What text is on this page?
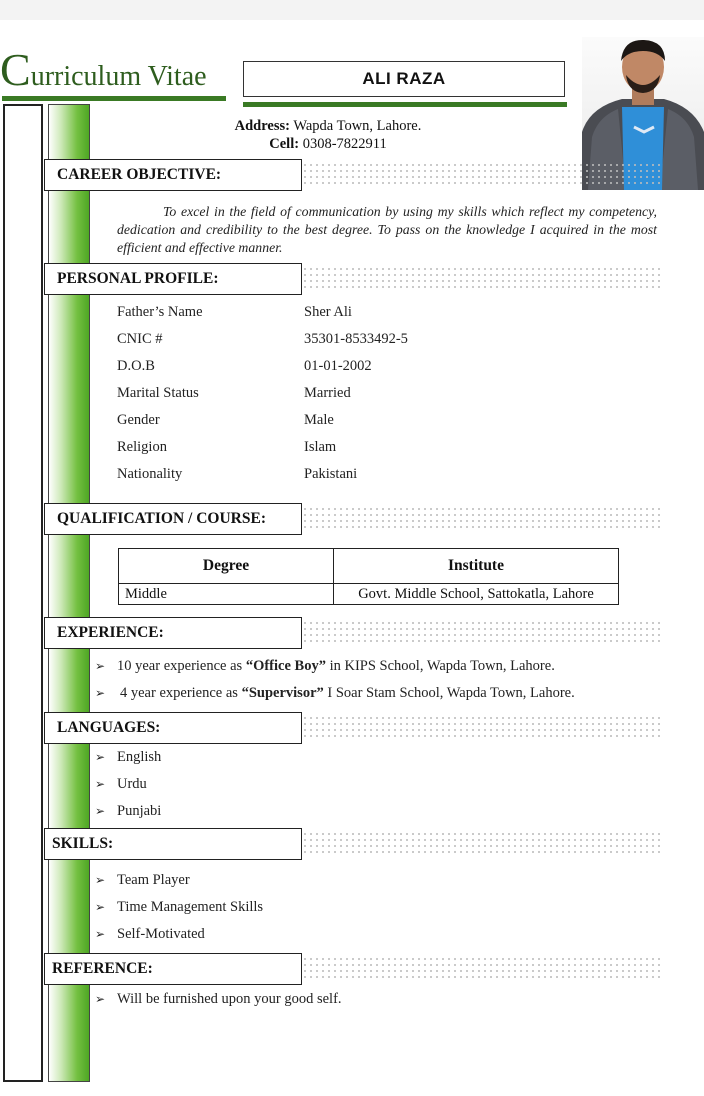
Curriculum Vitae	ALI RAZA
Address: Wapda Town, Lahore.
Cell: 0308-7822911
CAREER OBJECTIVE:
To excel in the field of communication by using my skills which reflect my competency, dedication and credibility to the best degree. To pass on the knowledge I acquired in the most efficient and effective manner.
PERSONAL PROFILE:
Father’s Name	Sher Ali
CNIC #	35301-8533492-5
D.O.B	01-01-2002
Marital Status	Married
Gender	Male
Religion	Islam
Nationality	Pakistani
QUALIFICATION / COURSE:
Degree	Institute
Middle	Govt. Middle School, Sattokatla, Lahore
EXPERIENCE:
➢ 10 year experience as “Office Boy” in KIPS School, Wapda Town, Lahore.
➢ 4 year experience as “Supervisor” I Soar Stam School, Wapda Town, Lahore.
LANGUAGES:
➢ English
➢ Urdu
➢ Punjabi
SKILLS:
➢ Team Player
➢ Time Management Skills
➢ Self-Motivated
REFERENCE:
➢ Will be furnished upon your good self.
